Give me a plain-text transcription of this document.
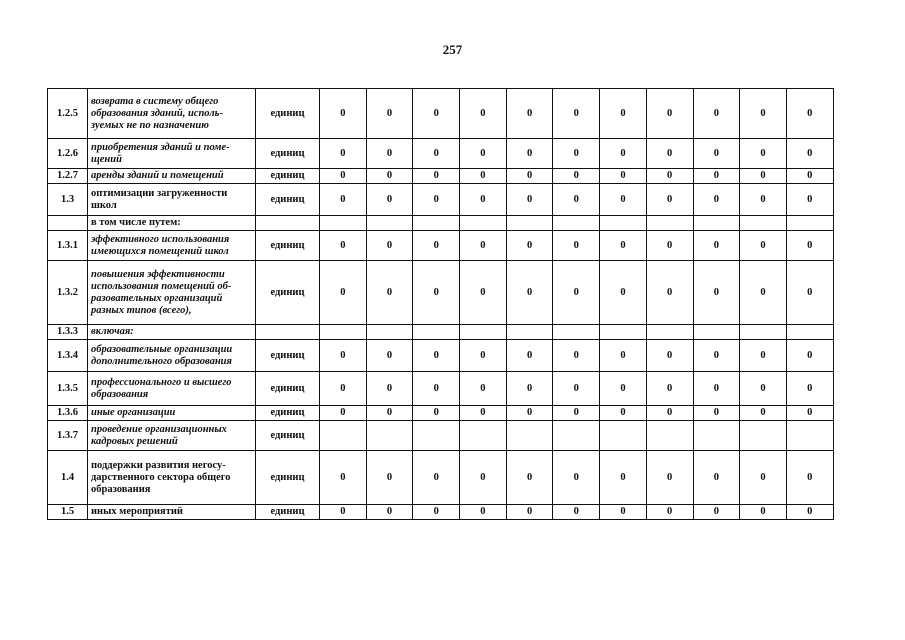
257
1.2.5	возврата в систему общего образования зданий, исполь-зуемых не по назначению	единиц	0	0	0	0	0	0	0	0	0	0	0
1.2.6	приобретения зданий и поме-щений	единиц	0	0	0	0	0	0	0	0	0	0	0
1.2.7	аренды зданий и помещений	единиц	0	0	0	0	0	0	0	0	0	0	0
1.3	оптимизации загруженности школ	единиц	0	0	0	0	0	0	0	0	0	0	0
	в том числе путем:												
1.3.1	эффективного использования имеющихся помещений школ	единиц	0	0	0	0	0	0	0	0	0	0	0
1.3.2	повышения эффективности использования помещений об-разовательных организаций разных типов (всего),	единиц	0	0	0	0	0	0	0	0	0	0	0
1.3.3	включая:												
1.3.4	образовательные организации дополнительного образования	единиц	0	0	0	0	0	0	0	0	0	0	0
1.3.5	профессионального и высшего образования	единиц	0	0	0	0	0	0	0	0	0	0	0
1.3.6	иные организации	единиц	0	0	0	0	0	0	0	0	0	0	0
1.3.7	проведение организационных кадровых решений	единиц											
1.4	поддержки развития негосу-дарственного сектора общего образования	единиц	0	0	0	0	0	0	0	0	0	0	0
1.5	иных мероприятий	единиц	0	0	0	0	0	0	0	0	0	0	0
